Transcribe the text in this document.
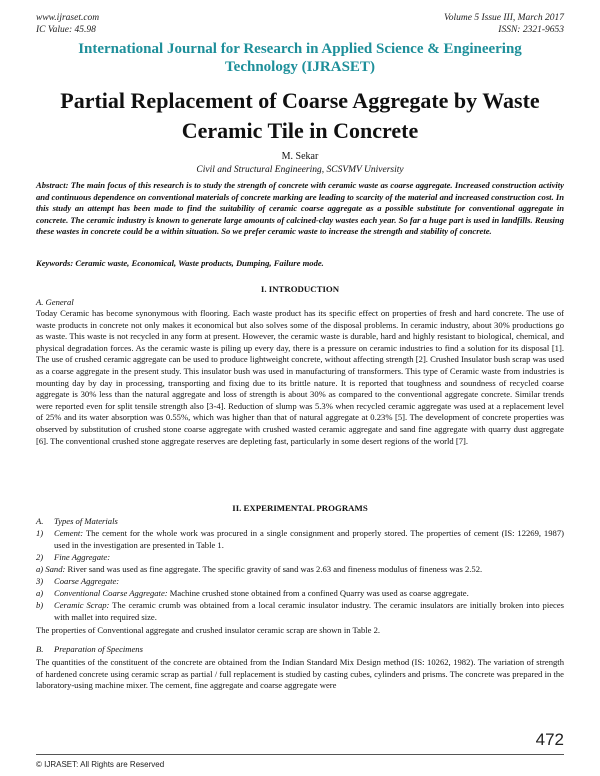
www.ijraset.com	Volume 5 Issue III, March 2017
IC Value: 45.98	ISSN: 2321-9653
International Journal for Research in Applied Science & Engineering
Technology (IJRASET)
Partial Replacement of Coarse Aggregate by Waste
Ceramic Tile in Concrete
M. Sekar
Civil and Structural Engineering, SCSVMV University
Abstract: The main focus of this research is to study the strength of concrete with ceramic waste as coarse aggregate. Increased construction activity and continuous dependence on conventional materials of concrete marking are leading to scarcity of the material and increased construction cost. In this study an attempt has been made to find the suitability of ceramic coarse aggregate as a possible substitute for conventional aggregate in concrete. The ceramic industry is known to generate large amounts of calcined-clay wastes each year. So far a huge part is used in landfills. Reusing these wastes in concrete could be a within situation. So we prefer ceramic waste to increase the strength and stability of concrete.
Keywords: Ceramic waste, Economical, Waste products, Dumping, Failure mode.
I. INTRODUCTION
A. General
Today Ceramic has become synonymous with flooring. Each waste product has its specific effect on properties of fresh and hard concrete. The use of waste products in concrete not only makes it economical but also solves some of the disposal problems. In ceramic industry, about 30% productions go as waste. This waste is not recycled in any form at present. However, the ceramic waste is durable, hard and highly resistant to biological, chemical, and physical degradation forces. As the ceramic waste is piling up every day, there is a pressure on ceramic industries to find a solution for its disposal [1]. The use of crushed ceramic aggregate can be used to produce lightweight concrete, without affecting strength [2]. Crushed Insulator bush scrap was used as a coarse aggregate in the present study. This insulator bush was used in manufacturing of transformers. This type of Ceramic waste from industries is mounting day by day in processing, transporting and fixing due to its brittle nature. It is reported that toughness and soundness of recycled coarse aggregate is 30% less than the natural aggregate and loss of strength is about 30% as compared to the conventional aggregate concrete. Similar trends were reported even for split tensile strength also [3-4]. Reduction of slump was 5.3% when recycled ceramic aggregate was used at a replacement level of 25% and its water absorption was 0.55%, which was higher than that of natural aggregate at 0.23% [5]. The development of concrete properties was observed by substitution of crushed stone coarse aggregate with crushed wasted ceramic aggregate and sand fine aggregate with quarry dust aggregate [6]. The conventional crushed stone aggregate reserves are depleting fast, particularly in some desert regions of the world [7].
II. EXPERIMENTAL PROGRAMS
A.	Types of Materials
1)	Cement: The cement for the whole work was procured in a single consignment and properly stored. The properties of cement (IS: 12269, 1987) used in the investigation are presented in Table 1.
2)	Fine Aggregate:
a) Sand: River sand was used as fine aggregate. The specific gravity of sand was 2.63 and fineness modulus of fineness was 2.52.
3)	Coarse Aggregate:
a)	Conventional Coarse Aggregate: Machine crushed stone obtained from a confined Quarry was used as coarse aggregate.
b)	Ceramic Scrap: The ceramic crumb was obtained from a local ceramic insulator industry. The ceramic insulators are initially broken into pieces with mallet into required size.
The properties of Conventional aggregate and crushed insulator ceramic scrap are shown in Table 2.
B.	Preparation of Specimens
The quantities of the constituent of the concrete are obtained from the Indian Standard Mix Design method (IS: 10262, 1982). The variation of strength of hardened concrete using ceramic scrap as partial / full replacement is studied by casting cubes, cylinders and prisms. The concrete was prepared in the laboratory-using machine mixer. The cement, fine aggregate and coarse aggregate were
472
© IJRASET: All Rights are Reserved
